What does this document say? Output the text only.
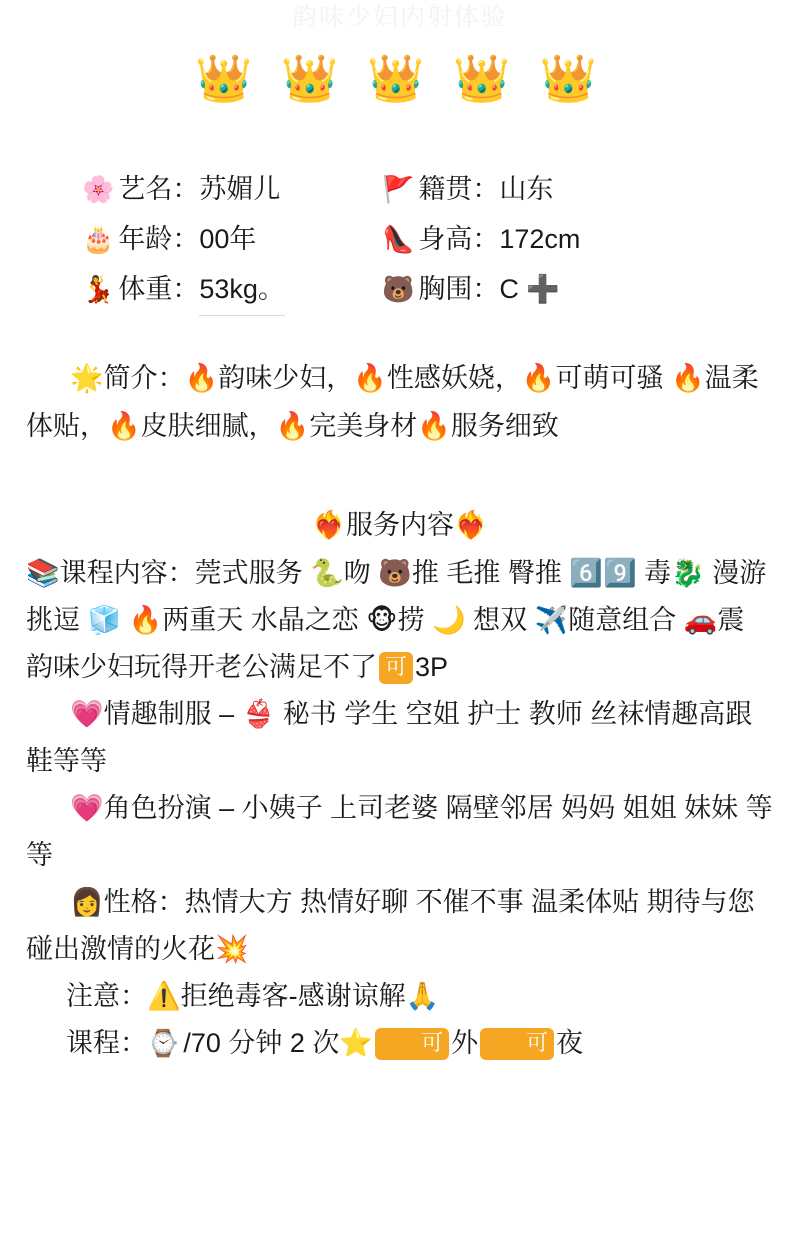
韵味少妇内射体验
👑 👑 👑 👑 👑
🌸 艺名： 苏媚儿	🚩 籍贯： 山东
🎂 年龄： 00年	👠 身高： 172cm
💃 体重： 53kg。	🐻 胸围： C ➕
🌟简介：🔥韵味少妇，🔥性感妖娆，🔥可萌可骚 🔥温柔体贴，🔥皮肤细腻，🔥完美身材🔥服务细致
❤️‍🔥服务内容❤️‍🔥
📚课程内容：莞式服务 🐍吻 🐻推 毛推 臀推 6️⃣9️⃣ 毒🐉 漫游 挑逗 🧊 🔥两重天 水晶之恋 🐵捞 🌙 想双 ✈️随意组合 🚗震 韵味少妇玩得开老公满足不了 可 3P
💗情趣制服 – 👙 秘书 学生 空姐 护士 教师 丝袜情趣高跟鞋等等
💗角色扮演 – 小姨子 上司老婆 隔壁邻居 妈妈 姐姐 妹妹 等等
👩性格：热情大方 热情好聊 不催不事 温柔体贴 期待与您碰出激情的火花💥
注意：⚠️拒绝毒客-感谢谅解🙏
课程：⌚ /70 分钟 2 次⭐ 可 外 可 夜
